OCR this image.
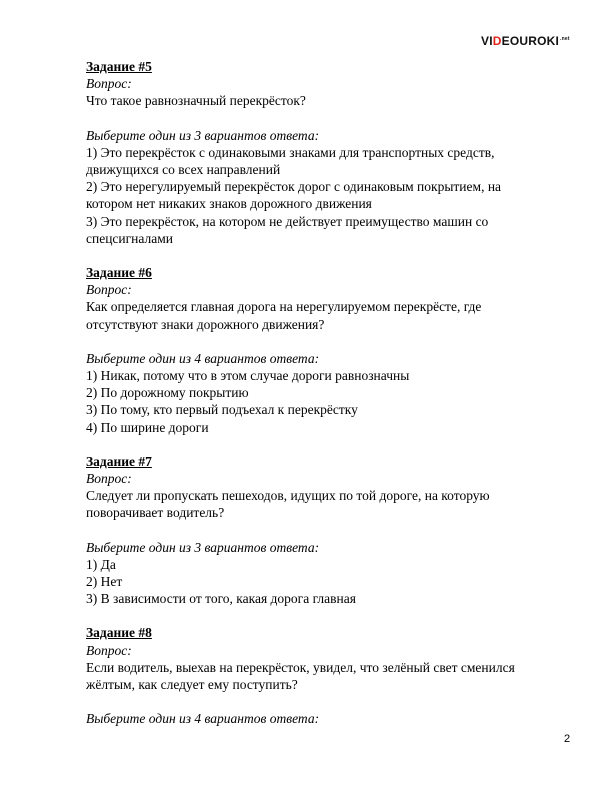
$VIDEOUROKI^{.net}$
Задание #5
Вопрос:
Что такое равнозначный перекрёсток?
Выберите один из 3 вариантов ответа:
1) Это перекрёсток с одинаковыми знаками для транспортных средств, движущихся со всех направлений
2) Это нерегулируемый перекрёсток дорог с одинаковым покрытием, на котором нет никаких знаков дорожного движения
3) Это перекрёсток, на котором не действует преимущество машин со спецсигналами
Задание #6
Вопрос:
Как определяется главная дорога на нерегулируемом перекрёсте, где отсутствуют знаки дорожного движения?
Выберите один из 4 вариантов ответа:
1) Никак, потому что в этом случае дороги равнозначны
2) По дорожному покрытию
3) По тому, кто первый подъехал к перекрёстку
4) По ширине дороги
Задание #7
Вопрос:
Следует ли пропускать пешеходов, идущих по той дороге, на которую поворачивает водитель?
Выберите один из 3 вариантов ответа:
1) Да
2) Нет
3) В зависимости от того, какая дорога главная
Задание #8
Вопрос:
Если водитель, выехав на перекрёсток, увидел, что зелёный свет сменился жёлтым, как следует ему поступить?
Выберите один из 4 вариантов ответа:
2
